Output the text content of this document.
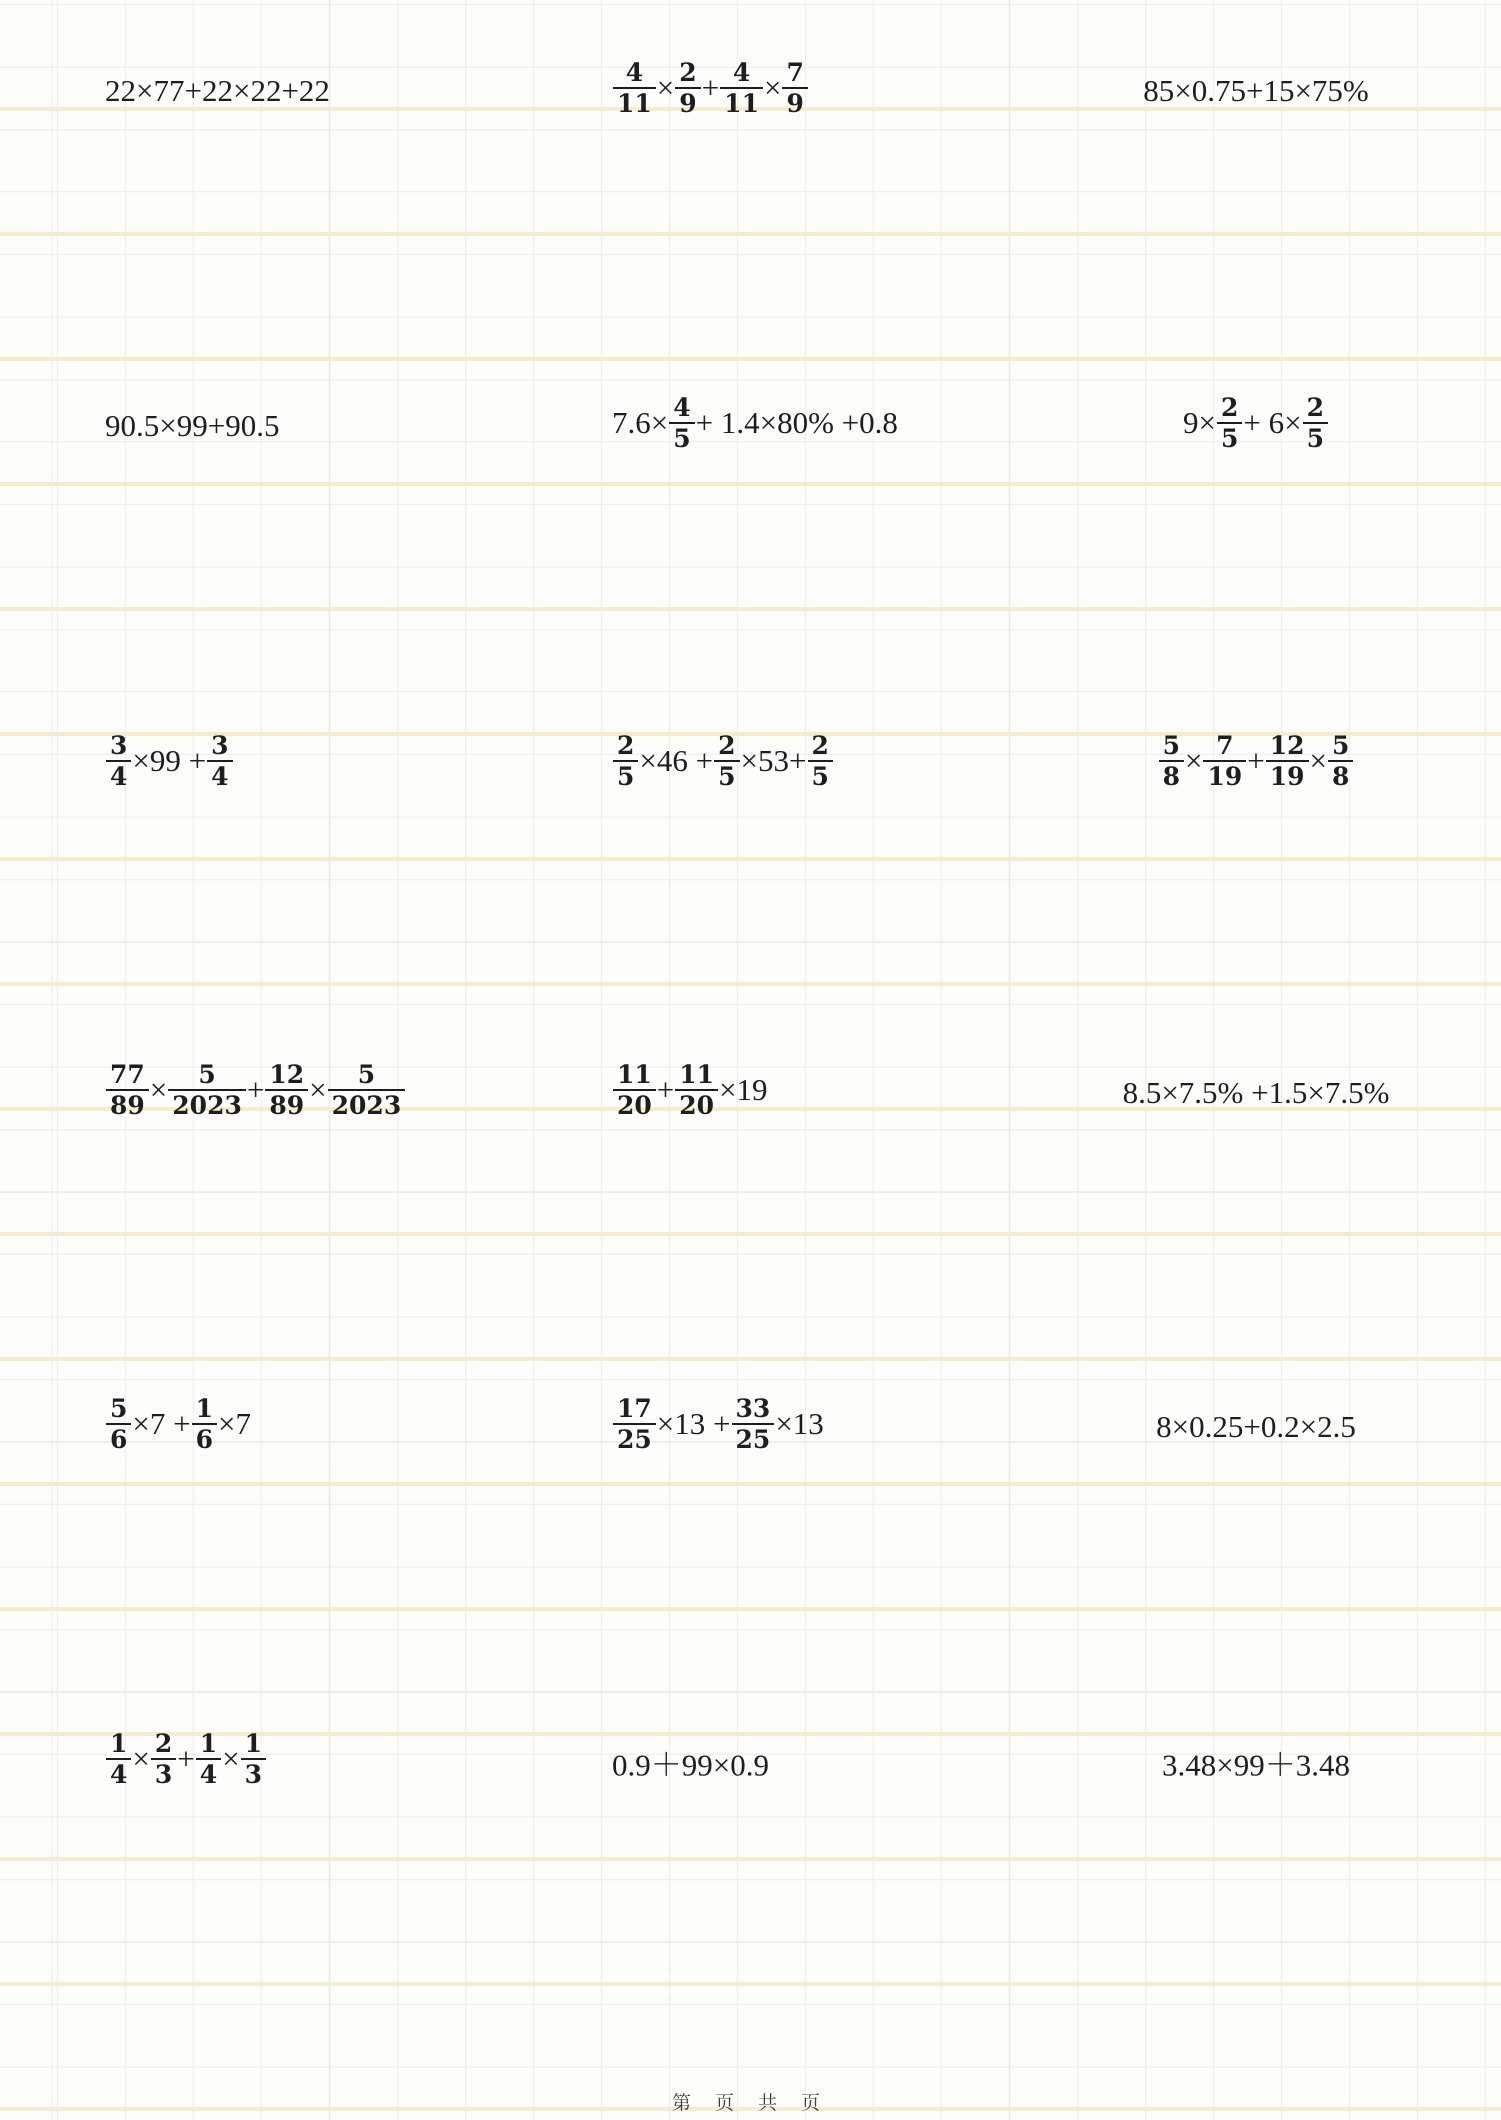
22×77+22×22+22	$\frac{4}{11} \times \frac{2}{9} + \frac{4}{11} \times \frac{7}{9}$	85×0.75+15×75%
90.5×99+90.5	$7.6\times \frac{4}{5} + 1.4\times 80\% +0.8$	$9\times \frac{2}{5} + 6\times \frac{2}{5}$
$\frac{3}{4} \times 99 + \frac{3}{4}$	$\frac{2}{5} \times 46 + \frac{2}{5} \times 53+ \frac{2}{5}$	$\frac{5}{8} \times \frac{7}{19} + \frac{12}{19} \times \frac{5}{8}$
$\frac{77}{89} \times \frac{5}{2023} + \frac{12}{89} \times \frac{5}{2023}$	$\frac{11}{20} + \frac{11}{20} \times 19$	8.5×7.5% +1.5×7.5%
$\frac{5}{6} \times 7 + \frac{1}{6} \times 7$	$\frac{17}{25} \times 13 + \frac{33}{25} \times 13$	8×0.25+0.2×2.5
$\frac{1}{4} \times \frac{2}{3} + \frac{1}{4} \times \frac{1}{3}$	0.9＋99×0.9	3.48×99＋3.48
第 页 共 页
